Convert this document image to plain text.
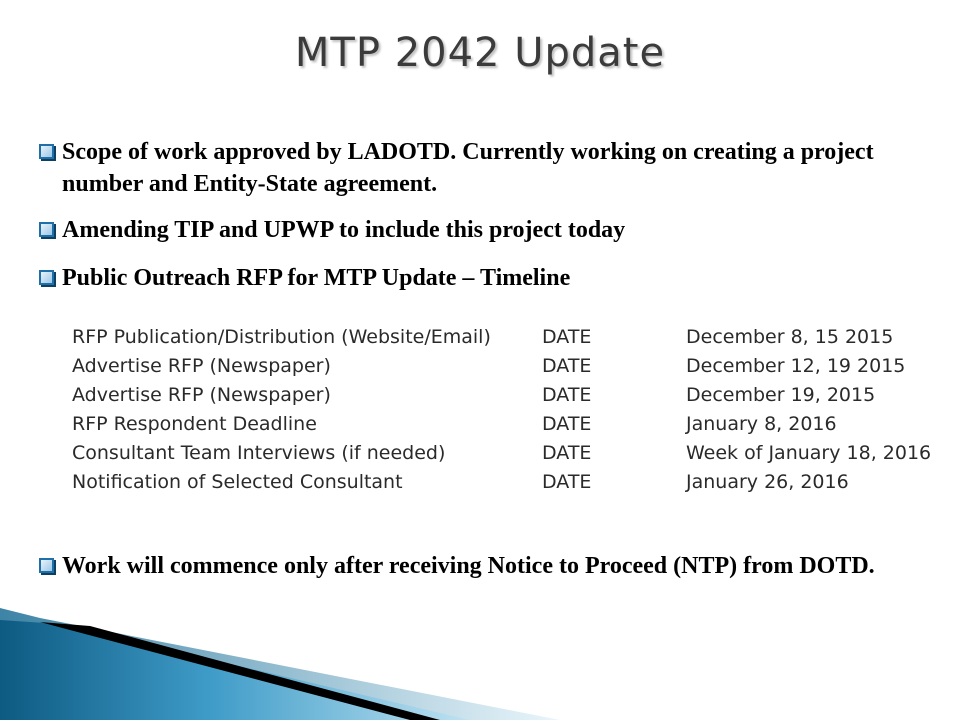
MTP 2042 Update
Scope of work approved by LADOTD. Currently working on creating a project number and Entity-State agreement.
Amending TIP and UPWP to include this project today
Public Outreach RFP for MTP Update – Timeline
RFP Publication/Distribution (Website/Email)	DATE	December 8, 15 2015
Advertise RFP (Newspaper)	DATE	December 12, 19 2015
Advertise RFP (Newspaper)	DATE	December 19, 2015
RFP Respondent Deadline	DATE	January 8, 2016
Consultant Team Interviews (if needed)	DATE	Week of January 18, 2016
Notification of Selected Consultant	DATE	January 26, 2016
Work will commence only after receiving Notice to Proceed (NTP) from DOTD.
